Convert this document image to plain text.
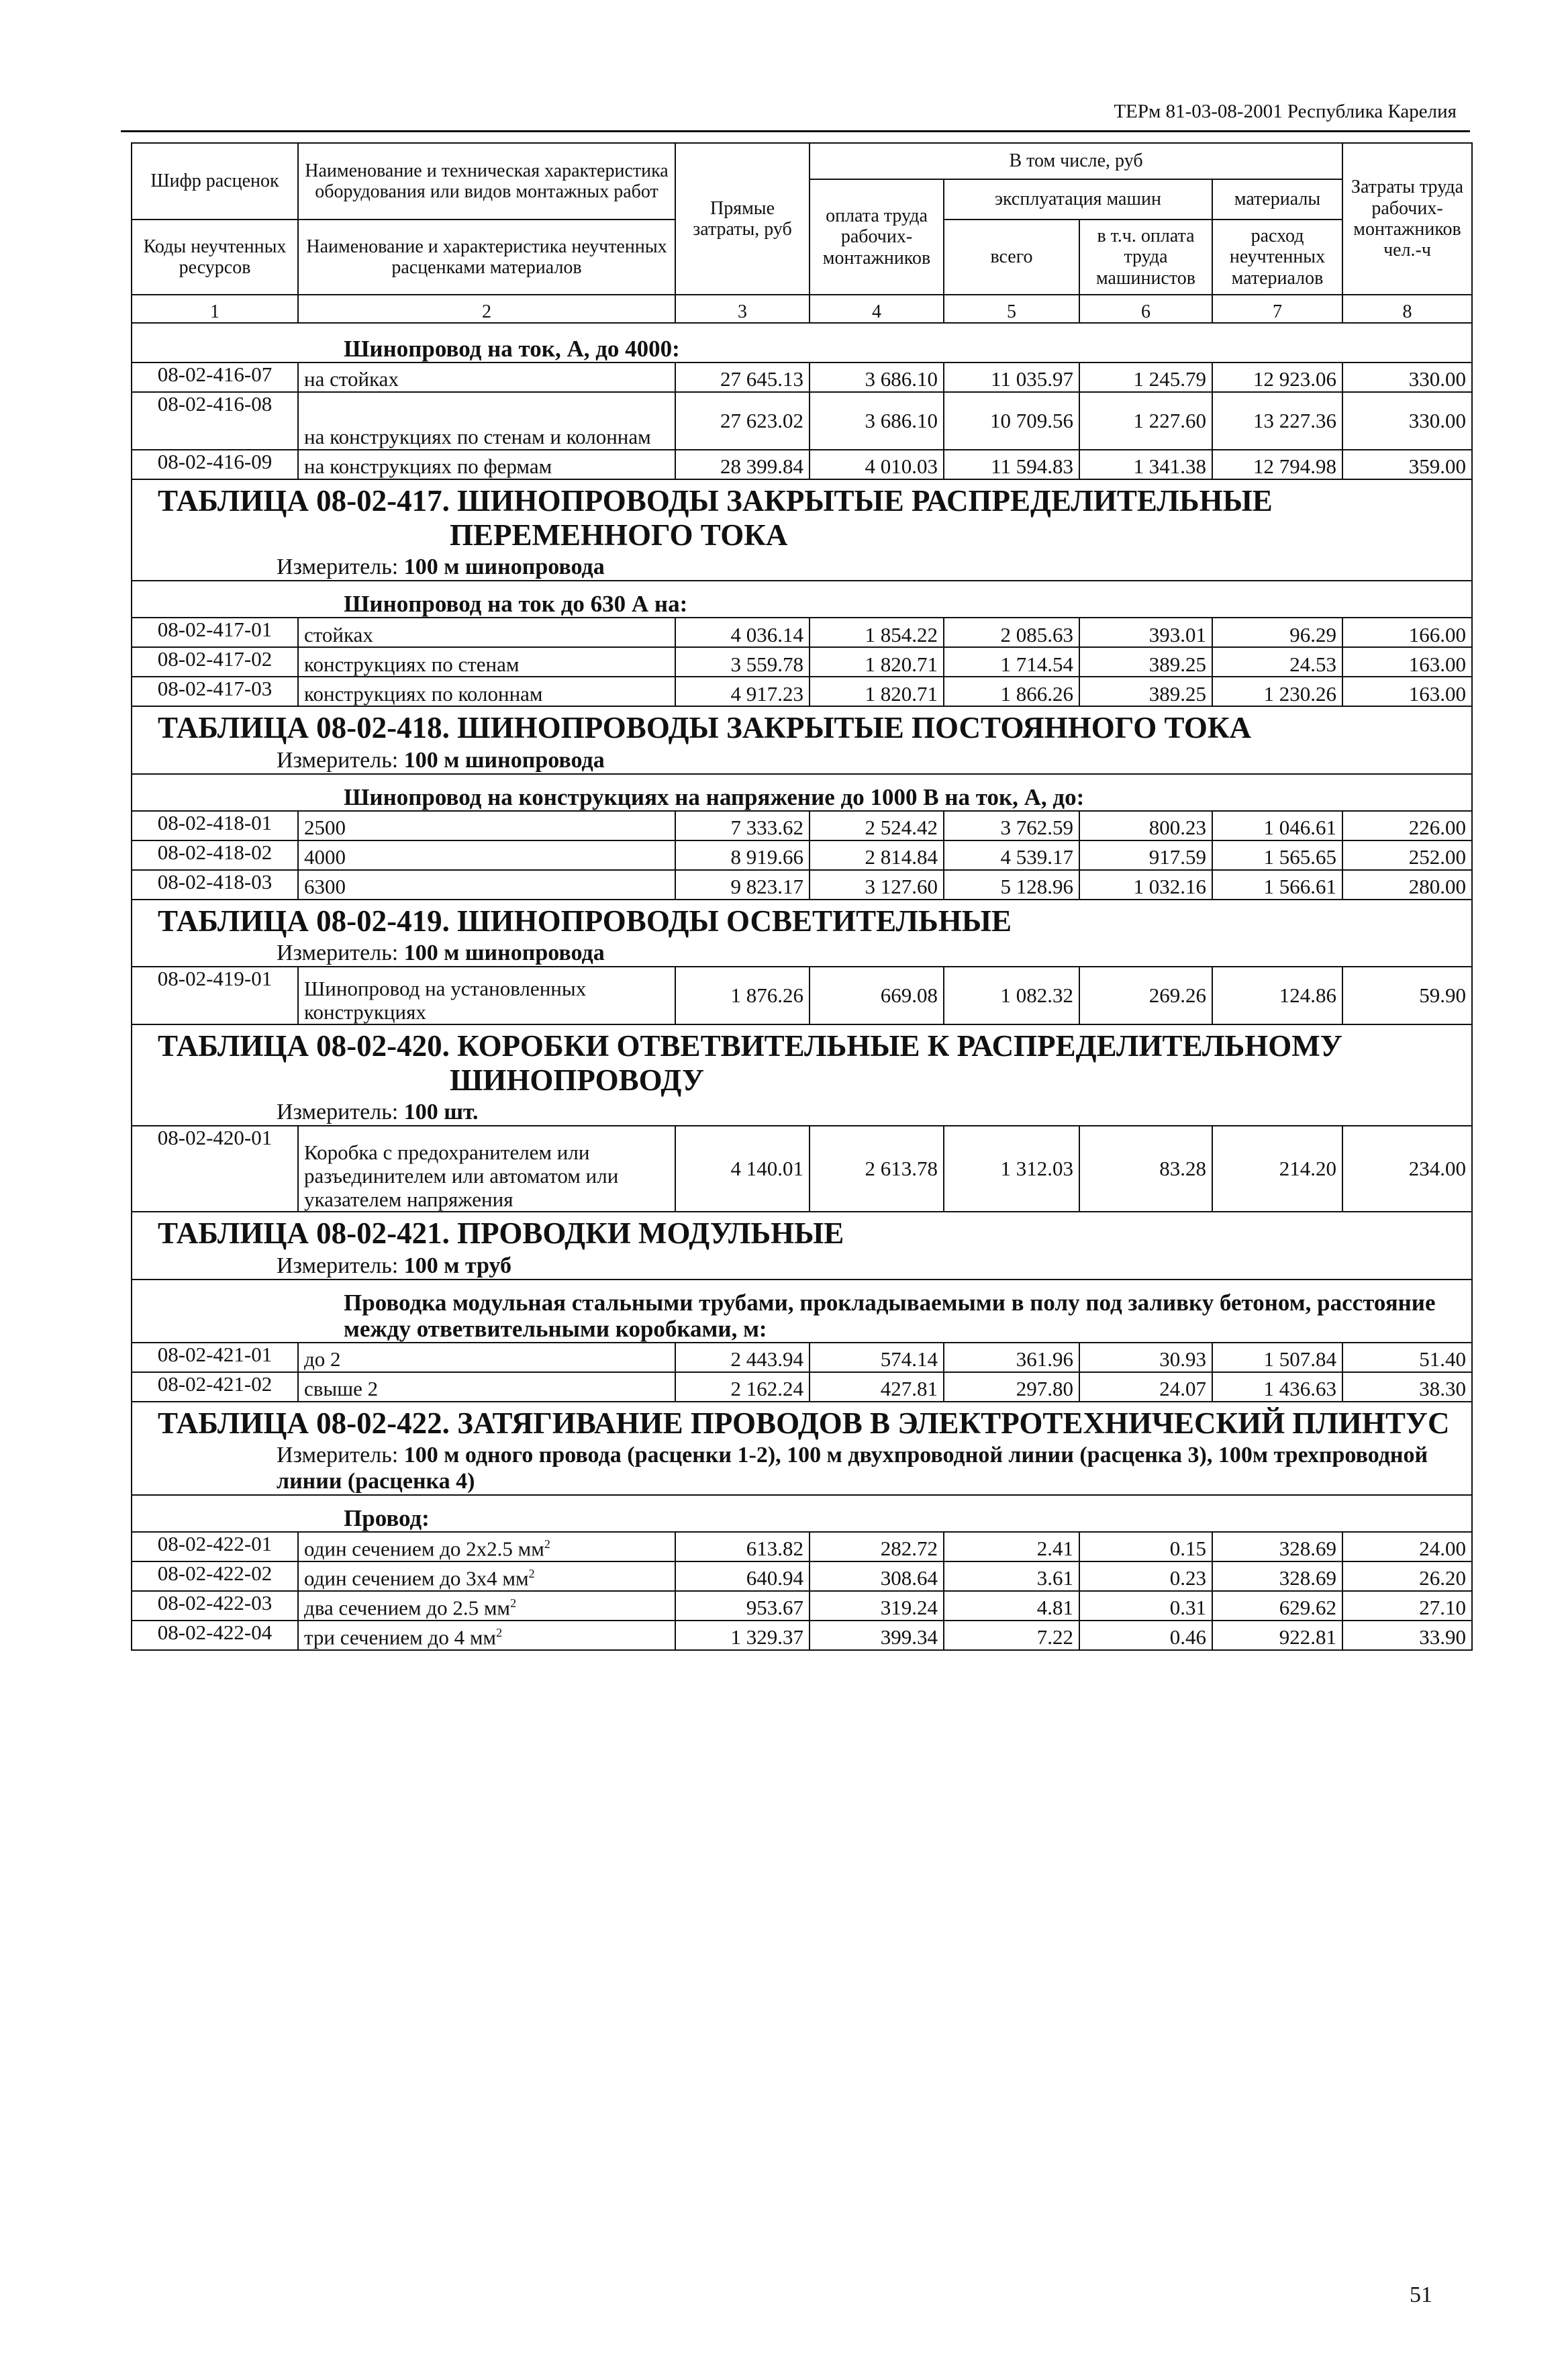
ТЕРм 81-03-08-2001 Республика Карелия
Шифр расценок	Наименование и техническая характеристика оборудования или видов монтажных работ	Прямые затраты, руб	В том числе, руб				Затраты труда рабочих-монтажников чел.-ч
			оплата труда рабочих-монтажников	эксплуатация машин		материалы	
Коды неучтенных ресурсов	Наименование и характеристика неучтенных расценками материалов			всего	в т.ч. оплата труда машинистов	расход неучтенных материалов	

1	2	3	4	5	6	7	8
Шинопровод на ток, А, до 4000:							
08-02-416-07	на стойках	27 645.13	3 686.10	11 035.97	1 245.79	12 923.06	330.00
08-02-416-08	на конструкциях по стенам и колоннам	27 623.02	3 686.10	10 709.56	1 227.60	13 227.36	330.00
08-02-416-09	на конструкциях по фермам	28 399.84	4 010.03	11 594.83	1 341.38	12 794.98	359.00
ТАБЛИЦА 08-02-417. ШИНОПРОВОДЫ ЗАКРЫТЫЕ РАСПРЕДЕЛИТЕЛЬНЫЕ
ПЕРЕМЕННОГО ТОКА							

Измеритель: 100 м шинопровода							
Шинопровод на ток до 630 А на:							
08-02-417-01	стойках	4 036.14	1 854.22	2 085.63	393.01	96.29	166.00
08-02-417-02	конструкциях по стенам	3 559.78	1 820.71	1 714.54	389.25	24.53	163.00
08-02-417-03	конструкциях по колоннам	4 917.23	1 820.71	1 866.26	389.25	1 230.26	163.00
ТАБЛИЦА 08-02-418. ШИНОПРОВОДЫ ЗАКРЫТЫЕ ПОСТОЯННОГО ТОКА							
Измеритель: 100 м шинопровода							
Шинопровод на конструкциях на напряжение до 1000 В на ток, А, до:							
08-02-418-01	2500	7 333.62	2 524.42	3 762.59	800.23	1 046.61	226.00
08-02-418-02	4000	8 919.66	2 814.84	4 539.17	917.59	1 565.65	252.00
08-02-418-03	6300	9 823.17	3 127.60	5 128.96	1 032.16	1 566.61	280.00
ТАБЛИЦА 08-02-419. ШИНОПРОВОДЫ ОСВЕТИТЕЛЬНЫЕ							
Измеритель: 100 м шинопровода							
08-02-419-01	Шинопровод на установленных конструкциях	1 876.26	669.08	1 082.32	269.26	124.86	59.90
ТАБЛИЦА 08-02-420. КОРОБКИ ОТВЕТВИТЕЛЬНЫЕ К РАСПРЕДЕЛИТЕЛЬНОМУ
ШИНОПРОВОДУ							

Измеритель: 100 шт.							
08-02-420-01	Коробка с предохранителем или разъединителем или автоматом или указателем напряжения	4 140.01	2 613.78	1 312.03	83.28	214.20	234.00
ТАБЛИЦА 08-02-421. ПРОВОДКИ МОДУЛЬНЫЕ							
Измеритель: 100 м труб							
Проводка модульная стальными трубами, прокладываемыми в полу под заливку бетоном, расстояние между ответвительными коробками, м:							
08-02-421-01	до 2	2 443.94	574.14	361.96	30.93	1 507.84	51.40
08-02-421-02	свыше 2	2 162.24	427.81	297.80	24.07	1 436.63	38.30
ТАБЛИЦА 08-02-422. ЗАТЯГИВАНИЕ ПРОВОДОВ В ЭЛЕКТРОТЕХНИЧЕСКИЙ ПЛИНТУС							
Измеритель: 100 м одного провода (расценки 1-2), 100 м двухпроводной линии (расценка 3), 100м трехпроводной линии (расценка 4)							
Провод:							
08-02-422-01	один сечением до 2х2.5 $мм^2$	613.82	282.72	2.41	0.15	328.69	24.00
08-02-422-02	один сечением до 3х4 $мм^2$	640.94	308.64	3.61	0.23	328.69	26.20
08-02-422-03	два сечением до 2.5 $мм^2$	953.67	319.24	4.81	0.31	629.62	27.10
08-02-422-04	три сечением до 4 $мм^2$	1 329.37	399.34	7.22	0.46	922.81	33.90
51
